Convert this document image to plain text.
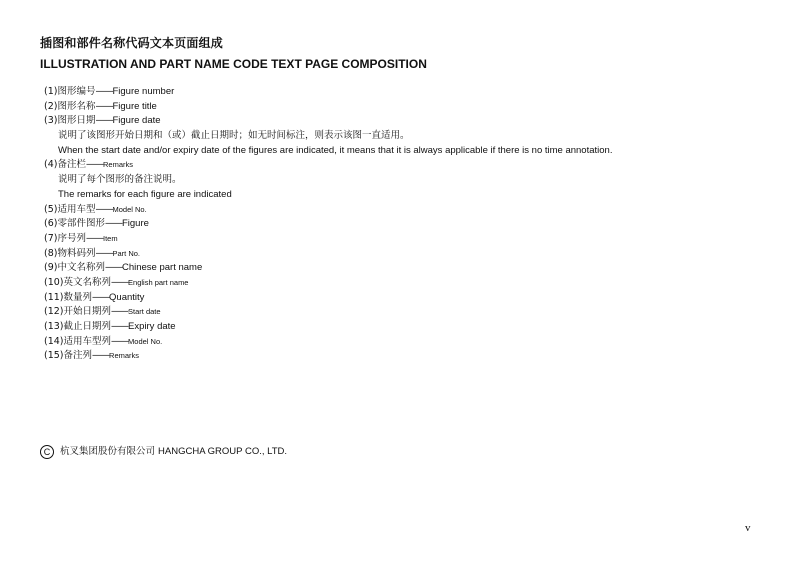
插图和部件名称代码文本页面组成
ILLUSTRATION AND PART NAME CODE TEXT PAGE COMPOSITION
(1)图形编号——Figure number
(2)图形名称——Figure title
(3)图形日期——Figure date
说明了该图形开始日期和（或）截止日期时；如无时间标注，则表示该图一直适用。
When the start date and/or expiry date of the figures are indicated, it means that it is always applicable if there is no time annotation.
(4)备注栏——Remarks
说明了每个图形的备注说明。
The remarks for each figure are indicated
(5)适用车型——Model No.
(6)零部件图形——Figure
(7)序号列——Item
(8)物料码列——Part No.
(9)中文名称列——Chinese part name
(10)英文名称列——English part name
(11)数量列——Quantity
(12)开始日期列——Start date
(13)截止日期列——Expiry date
(14)适用车型列——Model No.
(15)备注列——Remarks
C 杭叉集团股份有限公司 HANGCHA GROUP CO., LTD.
v
